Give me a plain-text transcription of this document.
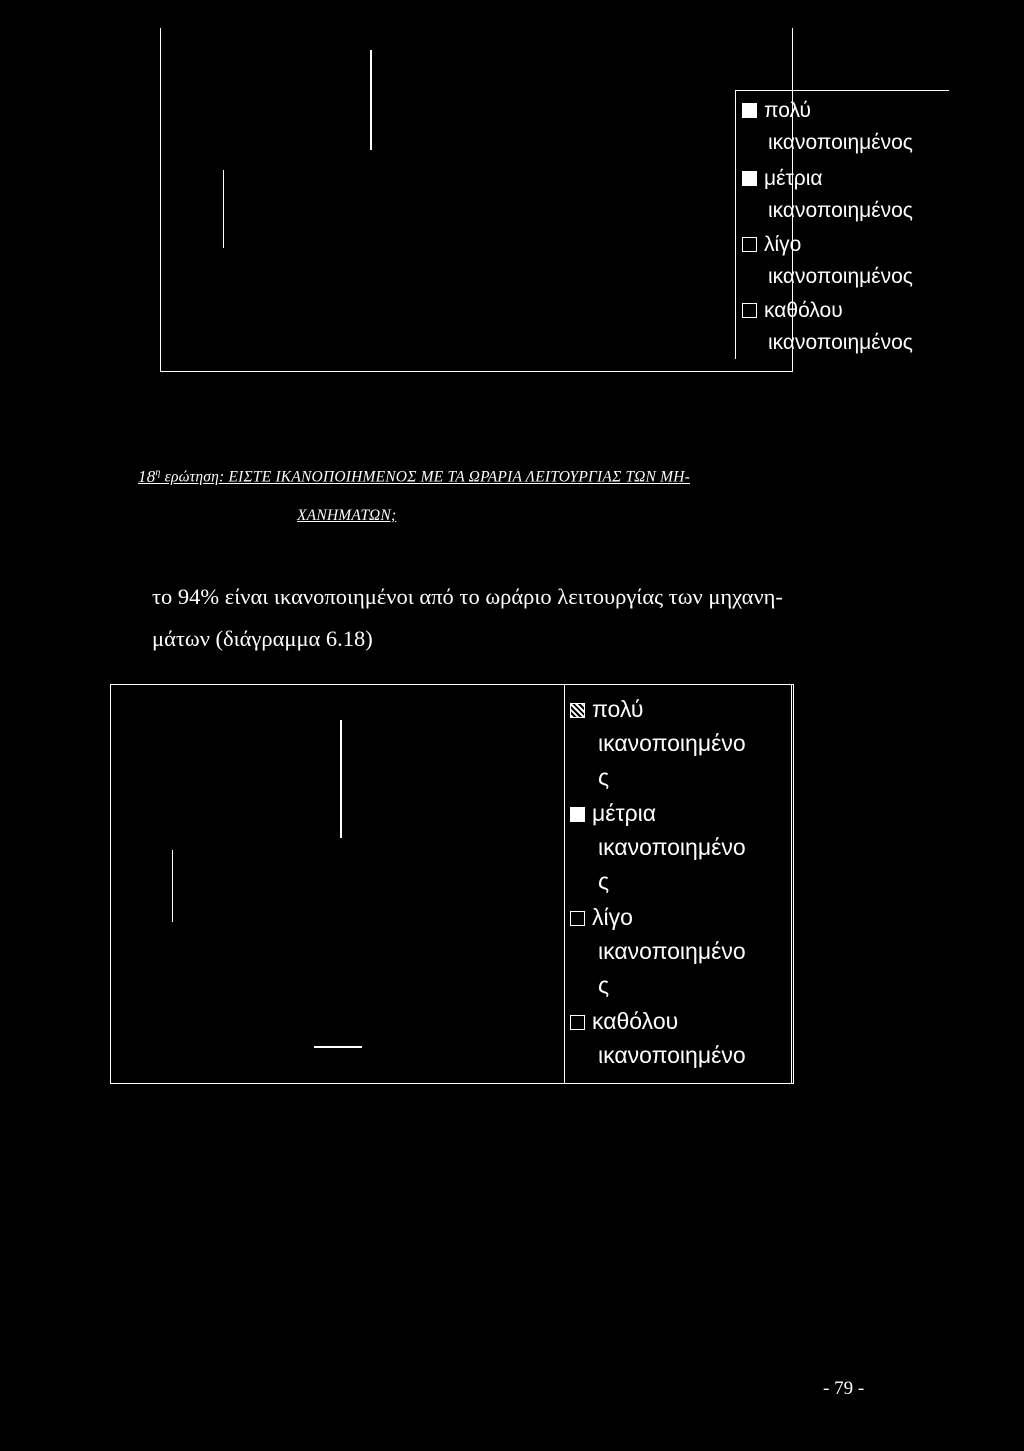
πολύ
ικανοποιημένος
μέτρια
ικανοποιημένος
λίγο
ικανοποιημένος
καθόλου
ικανοποιημένος
$18^\eta$ ερώτηση: ΕΙΣΤΕ ΙΚΑΝΟΠΟΙΗΜΕΝΟΣ ΜΕ ΤΑ ΩΡΑΡΙΑ ΛΕΙΤΟΥΡΓΙΑΣ ΤΩΝ ΜΗ-
ΧΑΝΗΜΑΤΩΝ;
το 94% είναι ικανοποιημένοι από το ωράριο λειτουργίας των μηχανη-
μάτων (διάγραμμα 6.18)
πολύ
ικανοποιημένο
ς
μέτρια
ικανοποιημένο
ς
λίγο
ικανοποιημένο
ς
καθόλου
ικανοποιημένο
- 79 -
